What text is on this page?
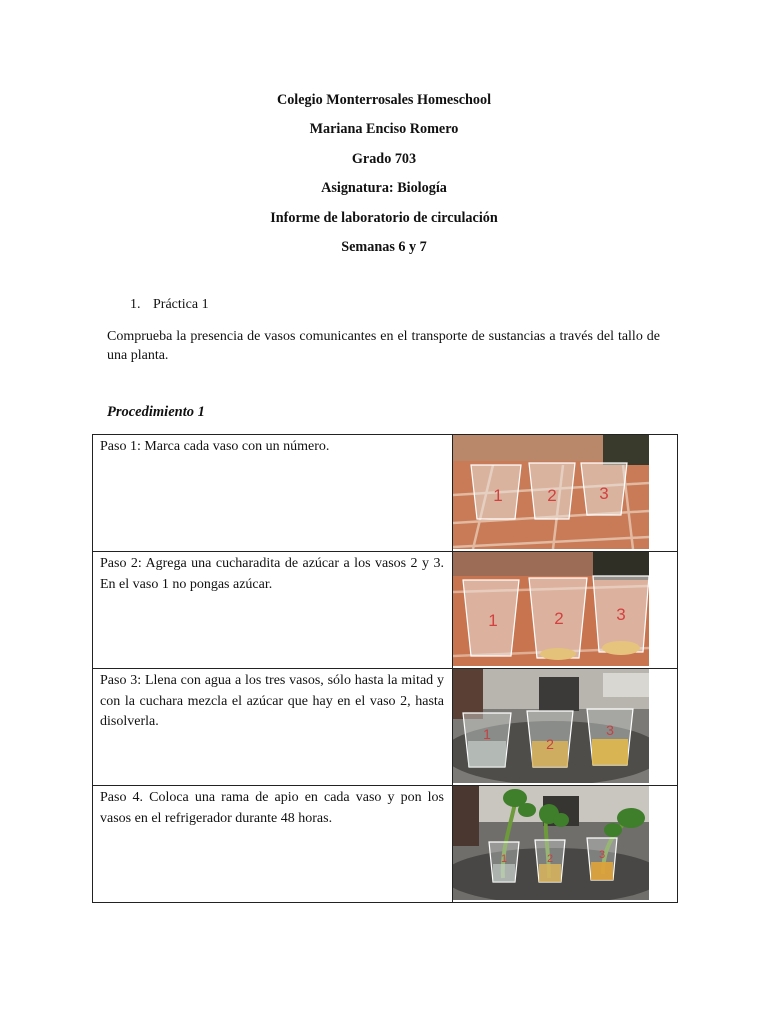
Colegio Monterrosales Homeschool
Mariana Enciso Romero
Grado 703
Asignatura: Biología
Informe de laboratorio de circulación
Semanas 6 y 7
1. Práctica 1
Comprueba la presencia de vasos comunicantes en el transporte de sustancias a través del tallo de una planta.
Procedimiento 1
Paso 1: Marca cada vaso con un número.	1 2 3

Paso 2: Agrega una cucharadita de azúcar a los vasos 2 y 3. En el vaso 1 no pongas azúcar.	1 2 3

Paso 3: Llena con agua a los tres vasos, sólo hasta la mitad y con la cuchara mezcla el azúcar que hay en el vaso 2, hasta disolverla.	1
2
3

Paso 4. Coloca una rama de apio en cada vaso y pon los vasos en el refrigerador durante 48 horas.	1 2 3
